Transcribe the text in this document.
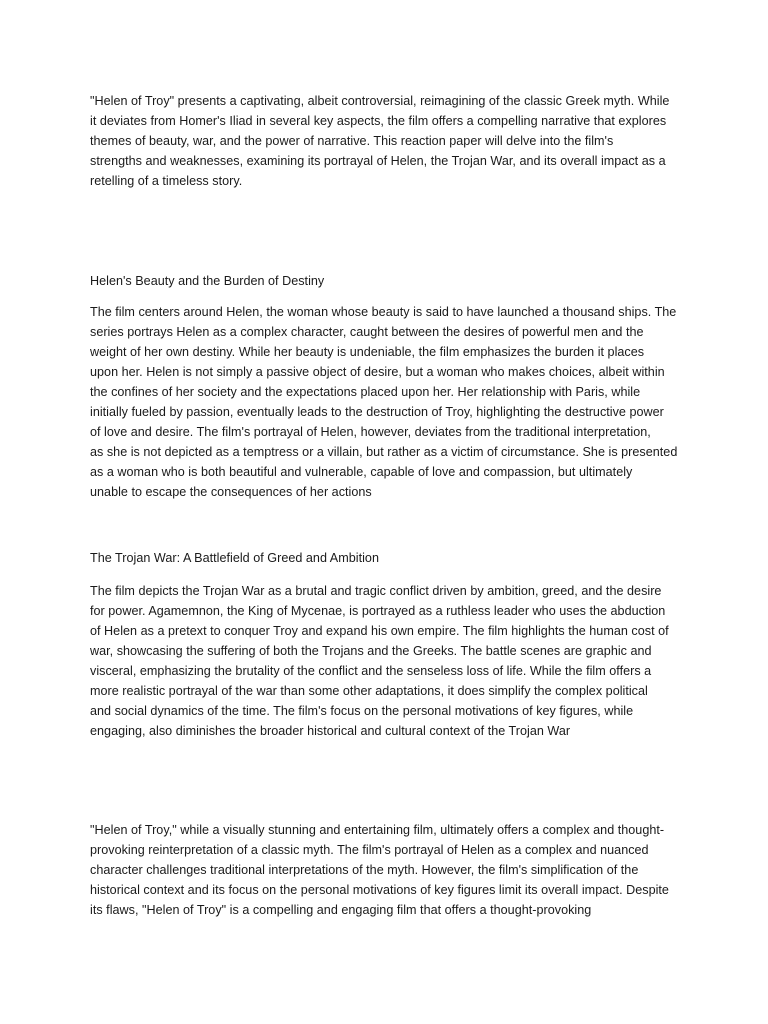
"Helen of Troy" presents a captivating, albeit controversial, reimagining of the classic Greek myth. While
it deviates from Homer's Iliad in several key aspects, the film offers a compelling narrative that explores
themes of beauty, war, and the power of narrative. This reaction paper will delve into the film's
strengths and weaknesses, examining its portrayal of Helen, the Trojan War, and its overall impact as a
retelling of a timeless story.

Helen's Beauty and the Burden of Destiny

The film centers around Helen, the woman whose beauty is said to have launched a thousand ships. The
series portrays Helen as a complex character, caught between the desires of powerful men and the
weight of her own destiny. While her beauty is undeniable, the film emphasizes the burden it places
upon her. Helen is not simply a passive object of desire, but a woman who makes choices, albeit within
the confines of her society and the expectations placed upon her. Her relationship with Paris, while
initially fueled by passion, eventually leads to the destruction of Troy, highlighting the destructive power
of love and desire. The film's portrayal of Helen, however, deviates from the traditional interpretation,
as she is not depicted as a temptress or a villain, but rather as a victim of circumstance. She is presented
as a woman who is both beautiful and vulnerable, capable of love and compassion, but ultimately
unable to escape the consequences of her actions

The Trojan War: A Battlefield of Greed and Ambition

The film depicts the Trojan War as a brutal and tragic conflict driven by ambition, greed, and the desire
for power. Agamemnon, the King of Mycenae, is portrayed as a ruthless leader who uses the abduction
of Helen as a pretext to conquer Troy and expand his own empire. The film highlights the human cost of
war, showcasing the suffering of both the Trojans and the Greeks. The battle scenes are graphic and
visceral, emphasizing the brutality of the conflict and the senseless loss of life. While the film offers a
more realistic portrayal of the war than some other adaptations, it does simplify the complex political
and social dynamics of the time. The film's focus on the personal motivations of key figures, while
engaging, also diminishes the broader historical and cultural context of the Trojan War

"Helen of Troy," while a visually stunning and entertaining film, ultimately offers a complex and thought-
provoking reinterpretation of a classic myth. The film's portrayal of Helen as a complex and nuanced
character challenges traditional interpretations of the myth. However, the film's simplification of the
historical context and its focus on the personal motivations of key figures limit its overall impact. Despite
its flaws, "Helen of Troy" is a compelling and engaging film that offers a thought-provoking
